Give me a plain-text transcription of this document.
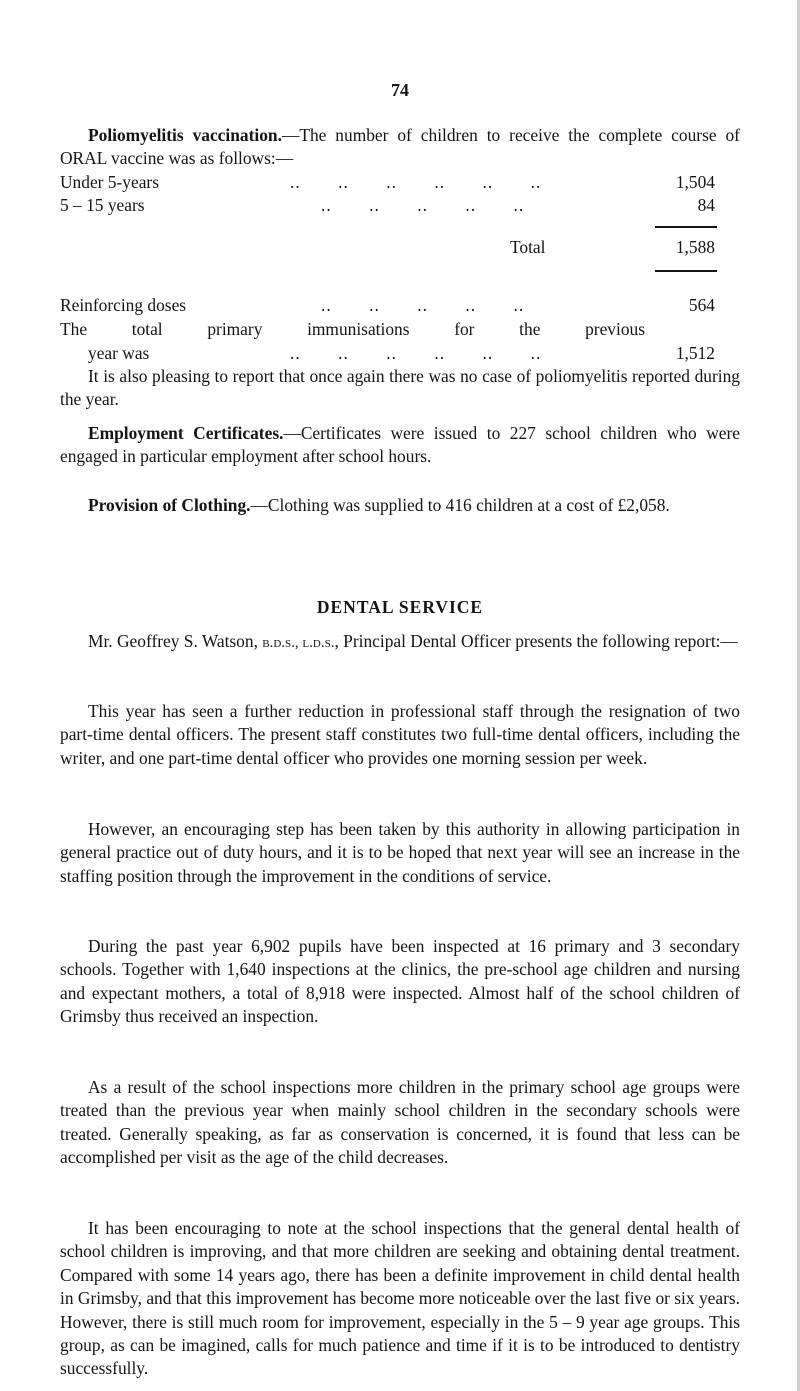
74

Poliomyelitis vaccination.—The number of children to receive the complete course of ORAL vaccine was as follows:—

Under 5-years	..       ..       ..       ..       ..       ..	1,504
5 – 15 years	..       ..       ..       ..       ..	84
Total	1,588
Reinforcing doses	..       ..       ..       ..       ..	564
The total primary immunisations for the previous
year was	..       ..       ..       ..       ..       ..	1,512

It is also pleasing to report that once again there was no case of poliomyelitis reported during the year.

Employment Certificates.—Certificates were issued to 227 school children who were engaged in particular employment after school hours.

Provision of Clothing.—Clothing was supplied to 416 children at a cost of £2,058.

DENTAL SERVICE

Mr. Geoffrey S. Watson, b.d.s., l.d.s., Principal Dental Officer presents the following report:—

This year has seen a further reduction in professional staff through the resignation of two part-time dental officers. The present staff constitutes two full-time dental officers, including the writer, and one part-time dental officer who provides one morning session per week.

However, an encouraging step has been taken by this authority in allowing participation in general practice out of duty hours, and it is to be hoped that next year will see an increase in the staffing position through the improvement in the conditions of service.

During the past year 6,902 pupils have been inspected at 16 primary and 3 secondary schools. Together with 1,640 inspections at the clinics, the pre-school age children and nursing and expectant mothers, a total of 8,918 were inspected. Almost half of the school children of Grimsby thus received an inspection.

As a result of the school inspections more children in the primary school age groups were treated than the previous year when mainly school children in the secondary schools were treated. Generally speaking, as far as conservation is concerned, it is found that less can be accomplished per visit as the age of the child decreases.

It has been encouraging to note at the school inspections that the general dental health of school children is improving, and that more children are seeking and obtaining dental treatment. Compared with some 14 years ago, there has been a definite improvement in child dental health in Grimsby, and that this improvement has become more noticeable over the last five or six years. However, there is still much room for improvement, especially in the 5 – 9 year age groups. This group, as can be imagined, calls for much patience and time if it is to be introduced to dentistry successfully.
